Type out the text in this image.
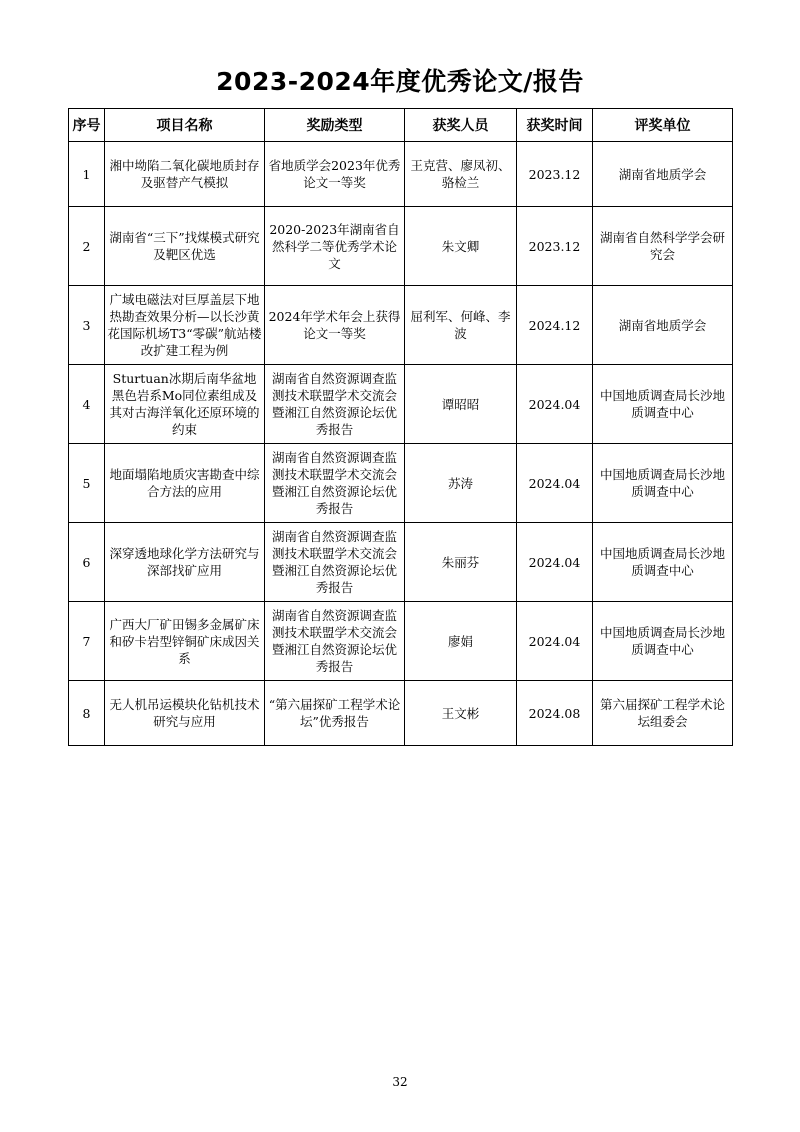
2023-2024年度优秀论文/报告
序号	项目名称	奖励类型	获奖人员	获奖时间	评奖单位
1	湘中坳陷二氧化碳地质封存及驱替产气模拟	省地质学会2023年优秀论文一等奖	王克营、廖凤初、骆检兰	2023.12	湖南省地质学会
2	湖南省“三下”找煤模式研究及靶区优选	2020-2023年湖南省自然科学二等优秀学术论文	朱文卿	2023.12	湖南省自然科学学会研究会
3	广域电磁法对巨厚盖层下地热勘查效果分析—以长沙黄花国际机场T3“零碳”航站楼改扩建工程为例	2024年学术年会上获得论文一等奖	屈利军、何峰、李波	2024.12	湖南省地质学会
4	Sturtuan冰期后南华盆地黑色岩系Mo同位素组成及其对古海洋氧化还原环境的约束	湖南省自然资源调查监测技术联盟学术交流会暨湘江自然资源论坛优秀报告	谭昭昭	2024.04	中国地质调查局长沙地质调查中心
5	地面塌陷地质灾害勘查中综合方法的应用	湖南省自然资源调查监测技术联盟学术交流会暨湘江自然资源论坛优秀报告	苏涛	2024.04	中国地质调查局长沙地质调查中心
6	深穿透地球化学方法研究与深部找矿应用	湖南省自然资源调查监测技术联盟学术交流会暨湘江自然资源论坛优秀报告	朱丽芬	2024.04	中国地质调查局长沙地质调查中心
7	广西大厂矿田锡多金属矿床和矽卡岩型锌铜矿床成因关系	湖南省自然资源调查监测技术联盟学术交流会暨湘江自然资源论坛优秀报告	廖娟	2024.04	中国地质调查局长沙地质调查中心
8	无人机吊运模块化钻机技术研究与应用	“第六届探矿工程学术论坛”优秀报告	王文彬	2024.08	第六届探矿工程学术论坛组委会
32
